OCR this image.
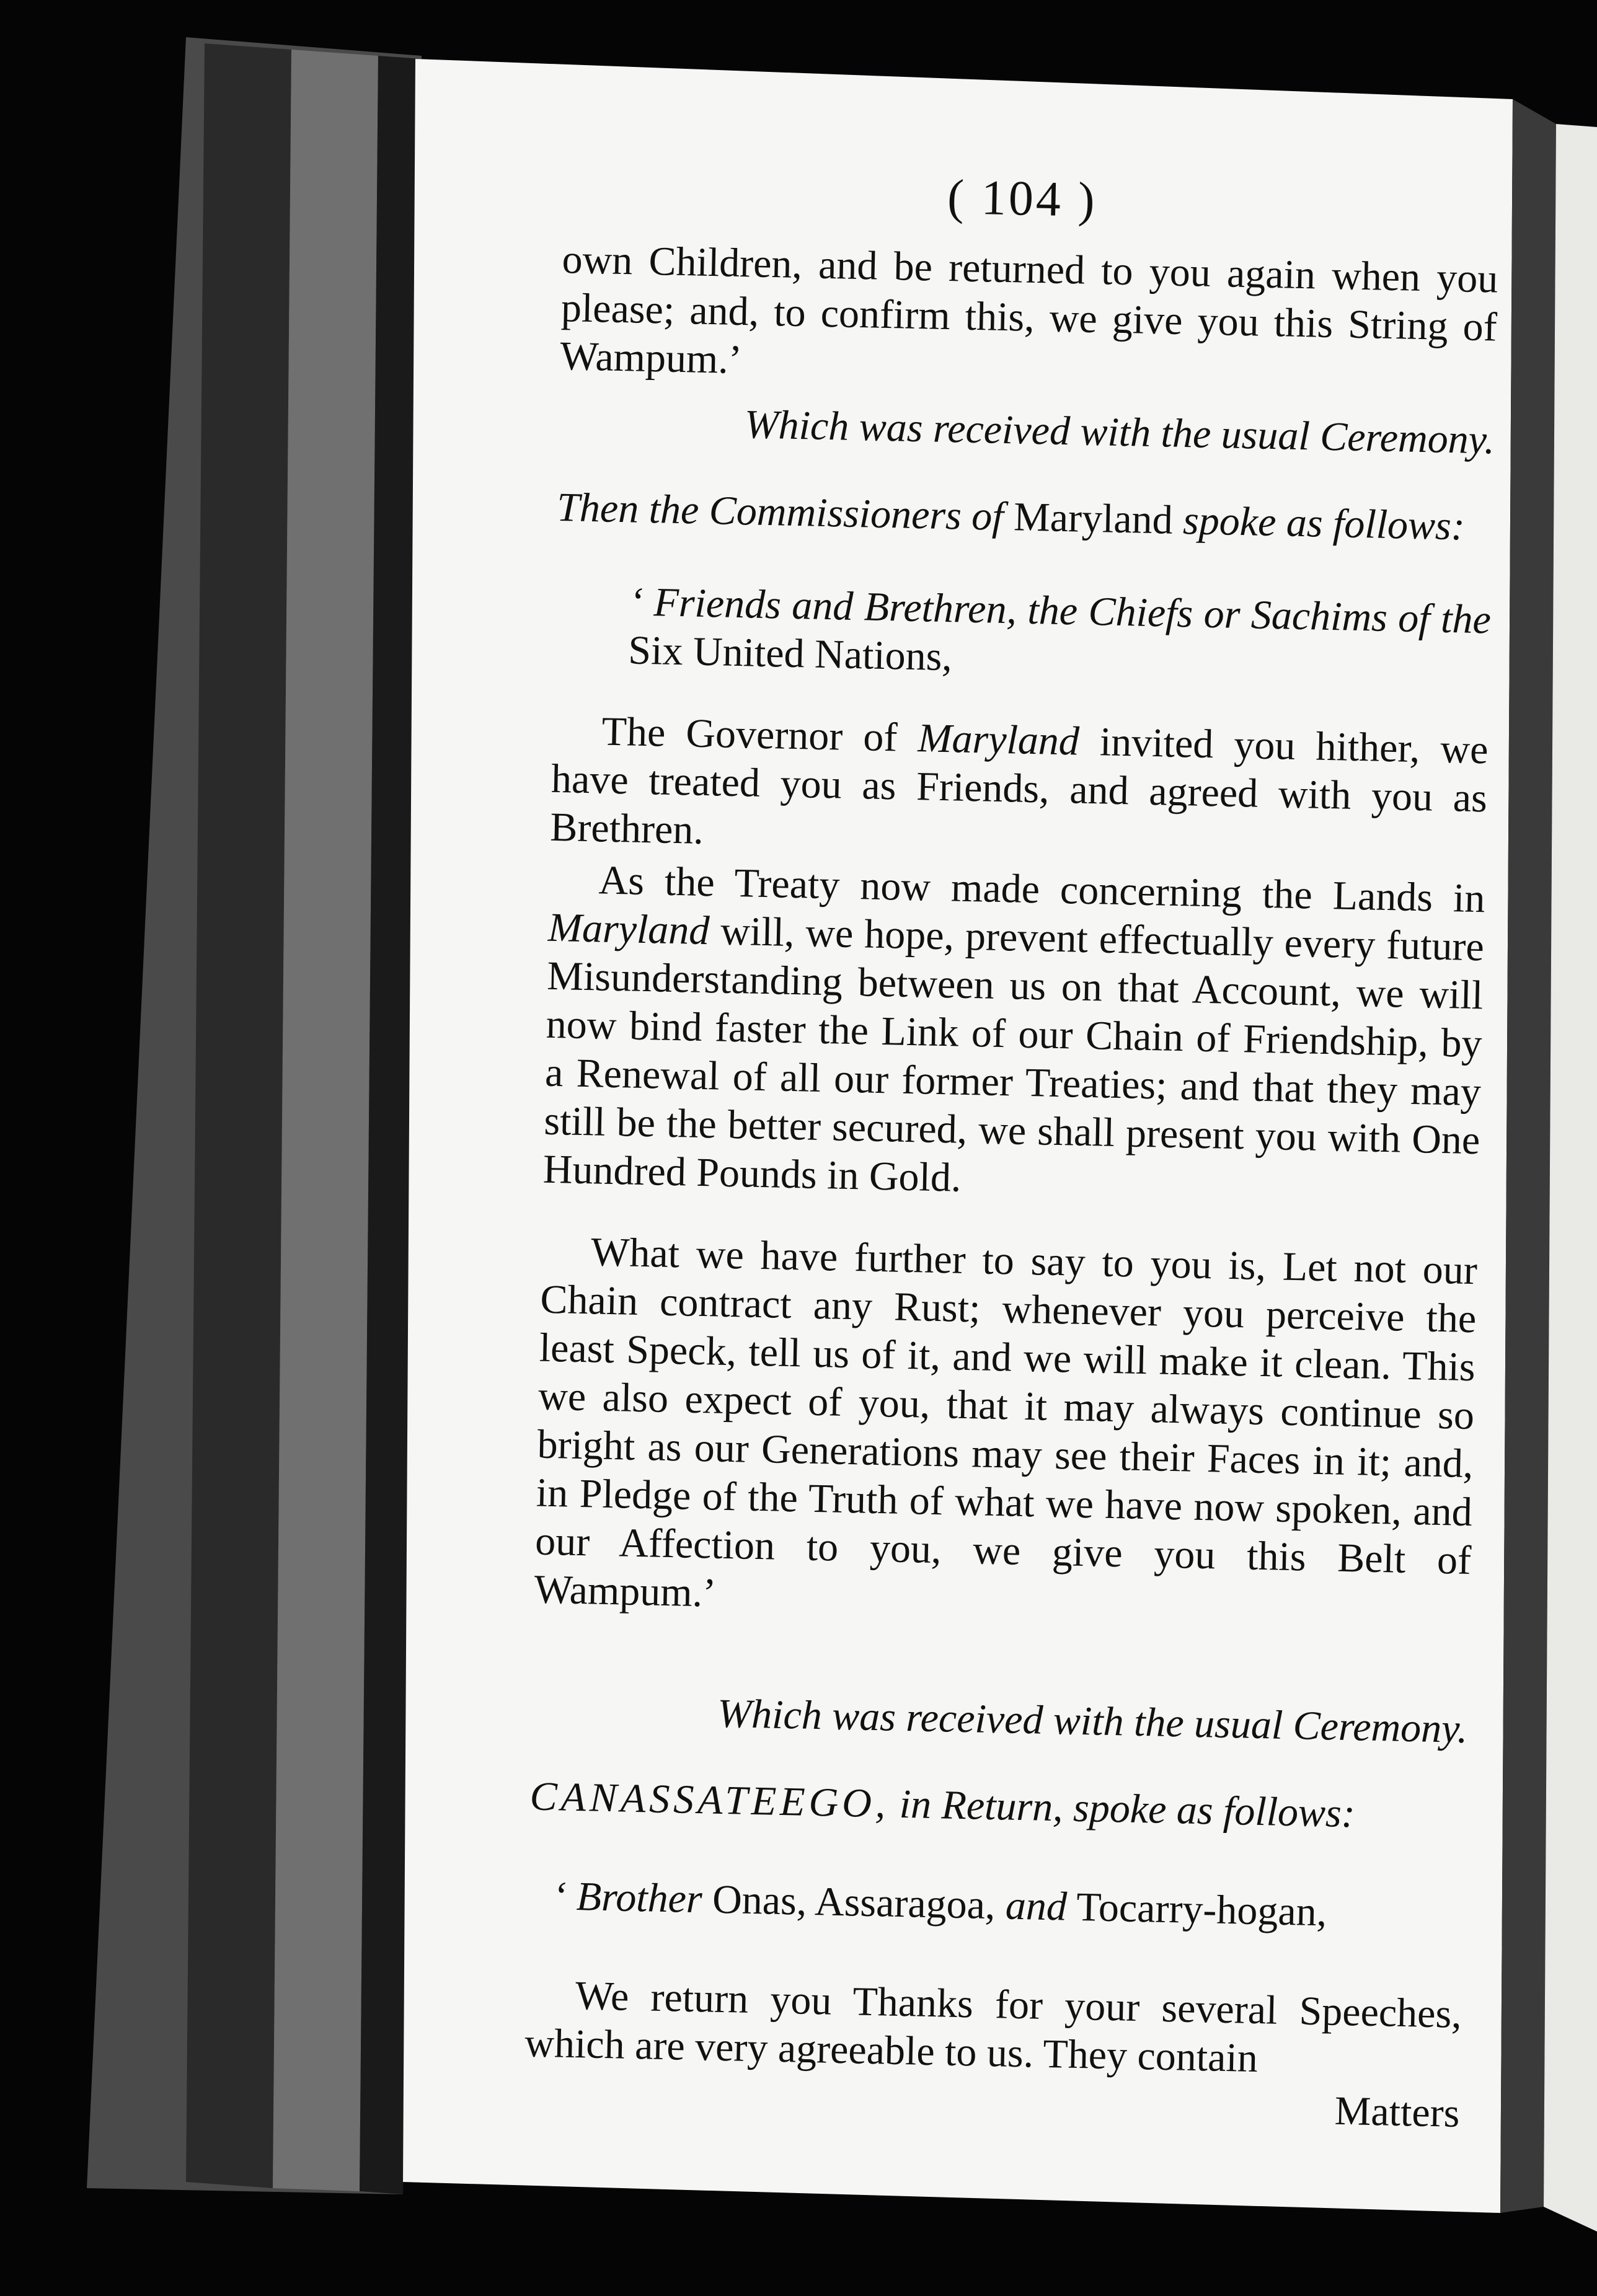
( 104 )
own Children, and be returned to you again when you please; and, to confirm this, we give you this String of Wampum.’
Which was received with the usual Ceremony.
Then the Commissioners of Maryland spoke as follows:
‘ Friends and Brethren, the Chiefs or Sachims of the Six United Nations,

The Governor of Maryland invited you hither, we have treated you as Friends, and agreed with you as Brethren.

As the Treaty now made concerning the Lands in Maryland will, we hope, prevent effectually every future Misunderstanding between us on that Account, we will now bind faster the Link of our Chain of Friendship, by a Renewal of all our former Treaties; and that they may still be the better secured, we shall present you with One Hundred Pounds in Gold.

What we have further to say to you is, Let not our Chain contract any Rust; whenever you perceive the least Speck, tell us of it, and we will make it clean. This we also expect of you, that it may always continue so bright as our Generations may see their Faces in it; and, in Pledge of the Truth of what we have now spoken, and our Affection to you, we give you this Belt of Wampum.’

Which was received with the usual Ceremony.
CANASSATEEGO, in Return, spoke as follows:
‘ Brother Onas, Assaragoa, and Tocarry-hogan,

We return you Thanks for your several Speeches, which are very agreeable to us. They contain

Matters
